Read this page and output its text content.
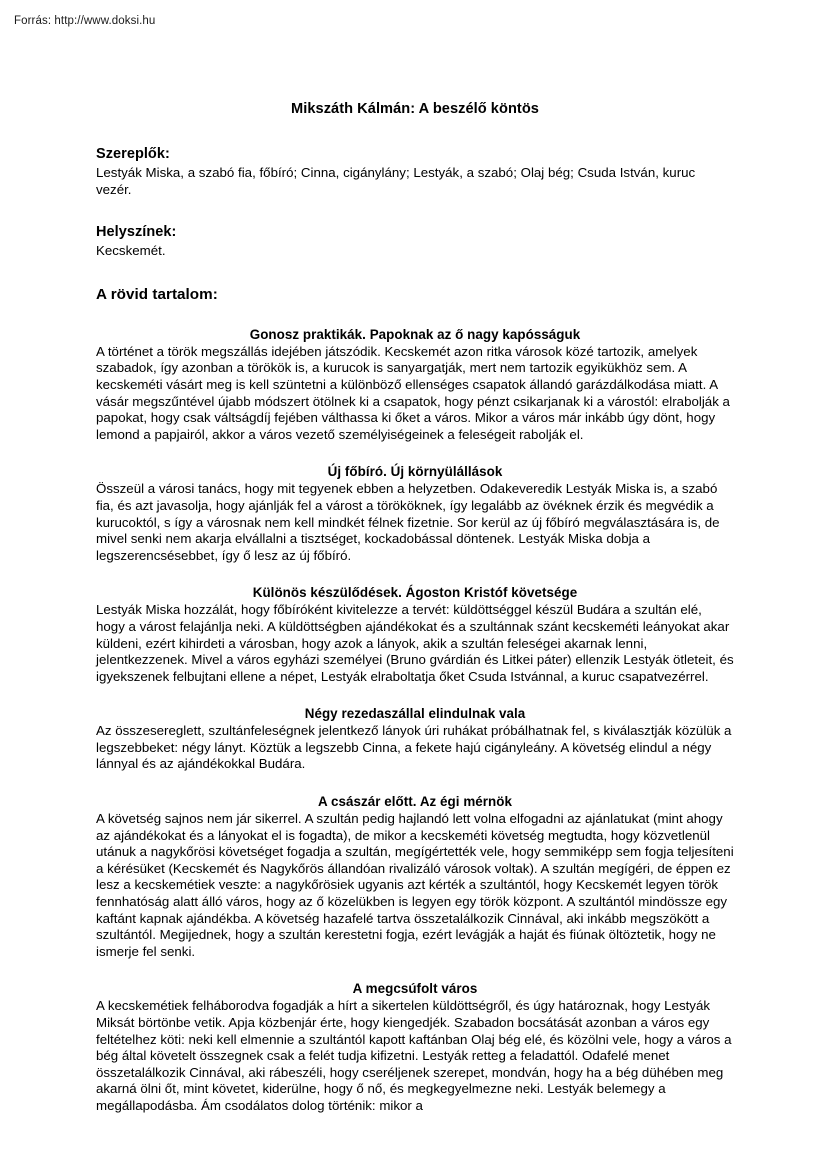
Forrás: http://www.doksi.hu
Mikszáth Kálmán: A beszélő köntös
Szereplők:

Lestyák Miska, a szabó fia, főbíró; Cinna, cigánylány; Lestyák, a szabó; Olaj bég; Csuda István, kuruc vezér.

Helyszínek:

Kecskemét.

A rövid tartalom:
Gonosz praktikák. Papoknak az ő nagy kapósságuk

A történet a török megszállás idejében játszódik. Kecskemét azon ritka városok közé tartozik, amelyek szabadok, így azonban a törökök is, a kurucok is sanyargatják, mert nem tartozik egyikükhöz sem. A kecskeméti vásárt meg is kell szüntetni a különböző ellenséges csapatok állandó garázdálkodása miatt. A vásár megszűntével újabb módszert ötölnek ki a csapatok, hogy pénzt csikarjanak ki a várostól: elrabolják a papokat, hogy csak váltságdíj fejében válthassa ki őket a város. Mikor a város már inkább úgy dönt, hogy lemond a papjairól, akkor a város vezető személyiségeinek a feleségeit rabolják el.

Új főbíró. Új környülállások

Összeül a városi tanács, hogy mit tegyenek ebben a helyzetben. Odakeveredik Lestyák Miska is, a szabó fia, és azt javasolja, hogy ajánlják fel a várost a törököknek, így legalább az övéknek érzik és megvédik a kurucoktól, s így a városnak nem kell mindkét félnek fizetnie. Sor kerül az új főbíró megválasztására is, de mivel senki nem akarja elvállalni a tisztséget, kockadobással döntenek. Lestyák Miska dobja a legszerencsésebbet, így ő lesz az új főbíró.

Különös készülődések. Ágoston Kristóf követsége

Lestyák Miska hozzálát, hogy főbíróként kivitelezze a tervét: küldöttséggel készül Budára a szultán elé, hogy a várost felajánlja neki. A küldöttségben ajándékokat és a szultánnak szánt kecskeméti leányokat akar küldeni, ezért kihirdeti a városban, hogy azok a lányok, akik a szultán feleségei akarnak lenni, jelentkezzenek. Mivel a város egyházi személyei (Bruno gvárdián és Litkei páter) ellenzik Lestyák ötleteit, és igyekszenek felbujtani ellene a népet, Lestyák elraboltatja őket Csuda Istvánnal, a kuruc csapatvezérrel.

Négy rezedaszállal elindulnak vala

Az összesereglett, szultánfeleségnek jelentkező lányok úri ruhákat próbálhatnak fel, s kiválasztják közülük a legszebbeket: négy lányt. Köztük a legszebb Cinna, a fekete hajú cigányleány. A követség elindul a négy lánnyal és az ajándékokkal Budára.

A császár előtt. Az égi mérnök

A követség sajnos nem jár sikerrel. A szultán pedig hajlandó lett volna elfogadni az ajánlatukat (mint ahogy az ajándékokat és a lányokat el is fogadta), de mikor a kecskeméti követség megtudta, hogy közvetlenül utánuk a nagykőrösi követséget fogadja a szultán, megígértették vele, hogy semmiképp sem fogja teljesíteni a kérésüket (Kecskemét és Nagykőrös állandóan rivalizáló városok voltak). A szultán megígéri, de éppen ez lesz a kecskemétiek veszte: a nagykőrösiek ugyanis azt kérték a szultántól, hogy Kecskemét legyen török fennhatóság alatt álló város, hogy az ő közelükben is legyen egy török központ. A szultántól mindössze egy kaftánt kapnak ajándékba. A követség hazafelé tartva összetalálkozik Cinnával, aki inkább megszökött a szultántól. Megijednek, hogy a szultán kerestetni fogja, ezért levágják a haját és fiúnak öltöztetik, hogy ne ismerje fel senki.

A megcsúfolt város

A kecskemétiek felháborodva fogadják a hírt a sikertelen küldöttségről, és úgy határoznak, hogy Lestyák Miksát börtönbe vetik. Apja közbenjár érte, hogy kiengedjék. Szabadon bocsátását azonban a város egy feltételhez köti: neki kell elmennie a szultántól kapott kaftánban Olaj bég elé, és közölni vele, hogy a város a bég által követelt összegnek csak a felét tudja kifizetni. Lestyák retteg a feladattól. Odafelé menet összetalálkozik Cinnával, aki rábeszéli, hogy cseréljenek szerepet, mondván, hogy ha a bég dühében meg akarná ölni őt, mint követet, kiderülne, hogy ő nő, és megkegyelmezne neki. Lestyák belemegy a megállapodásba. Ám csodálatos dolog történik: mikor a
